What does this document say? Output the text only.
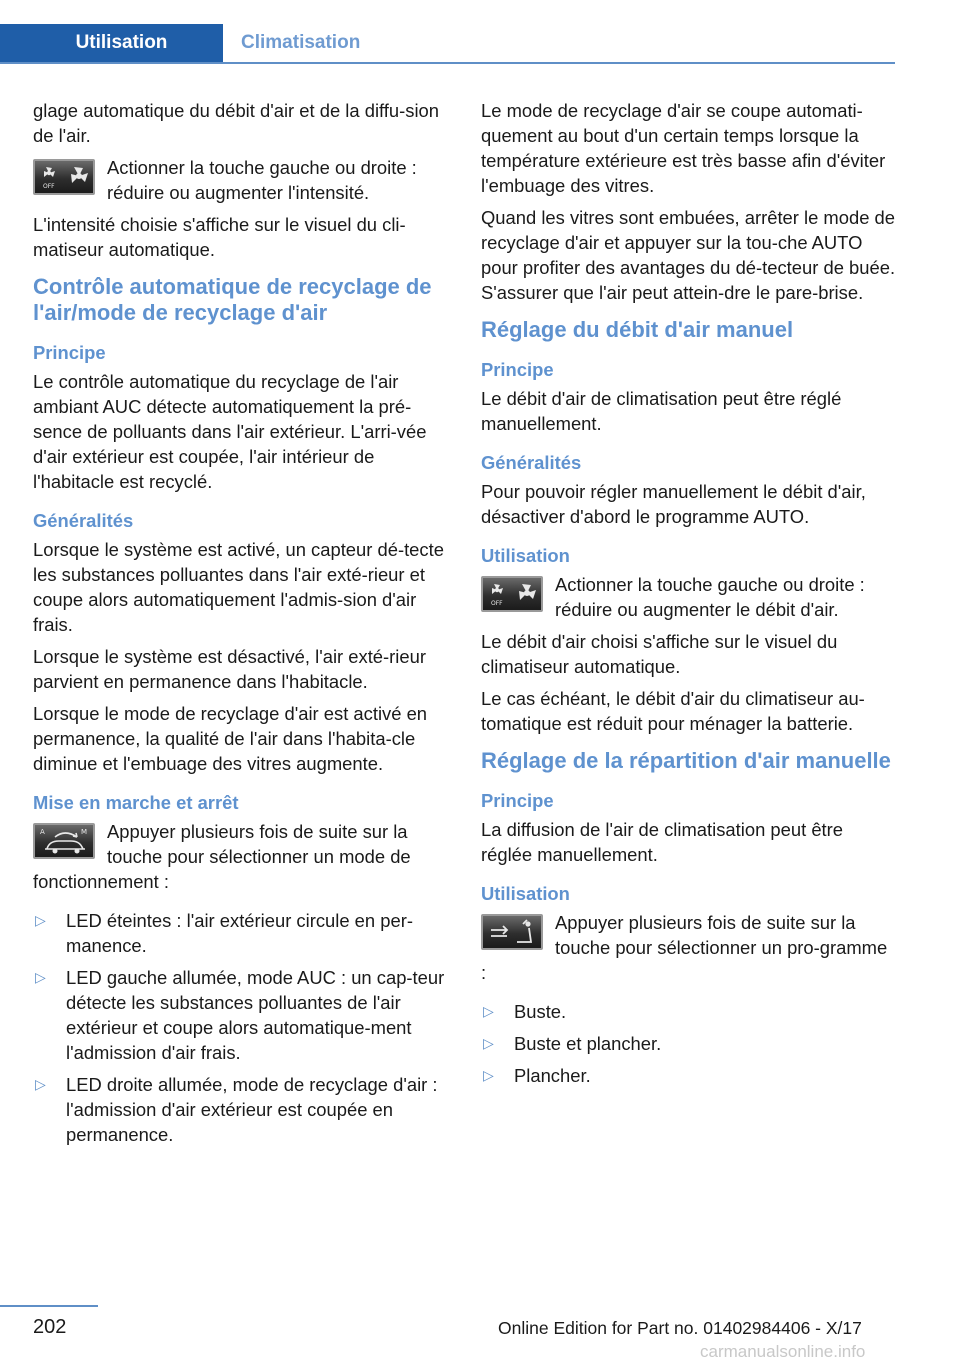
Utilisation	Climatisation

glage automatique du débit d'air et de la diffu-sion de l'air.

OFF
Actionner la touche gauche ou droite : réduire ou augmenter l'intensité.

L'intensité choisie s'affiche sur le visuel du cli-matiseur automatique.

Contrôle automatique de recyclage de l'air/mode de recyclage d'air
Principe

Le contrôle automatique du recyclage de l'air ambiant AUC détecte automatiquement la pré-sence de polluants dans l'air extérieur. L'arri-vée d'air extérieur est coupée, l'air intérieur de l'habitacle est recyclé.

Généralités

Lorsque le système est activé, un capteur dé-tecte les substances polluantes dans l'air exté-rieur et coupe alors automatiquement l'admis-sion d'air frais.

Lorsque le système est désactivé, l'air exté-rieur parvient en permanence dans l'habitacle.

Lorsque le mode de recyclage d'air est activé en permanence, la qualité de l'air dans l'habita-cle diminue et l'embuage des vitres augmente.

Mise en marche et arrêt
A	M Appuyer plusieurs fois de suite sur la touche pour sélectionner un mode de fonctionnement :
▷ LED éteintes : l'air extérieur circule en per-manence.
▷ LED gauche allumée, mode AUC : un cap-teur détecte les substances polluantes de l'air extérieur et coupe alors automatique-ment l'admission d'air frais.
▷ LED droite allumée, mode de recyclage d'air : l'admission d'air extérieur est coupée en permanence.

Le mode de recyclage d'air se coupe automati-quement au bout d'un certain temps lorsque la température extérieure est très basse afin d'éviter l'embuage des vitres.

Quand les vitres sont embuées, arrêter le mode de recyclage d'air et appuyer sur la tou-che AUTO pour profiter des avantages du dé-tecteur de buée. S'assurer que l'air peut attein-dre le pare-brise.

Réglage du débit d'air manuel
Principe

Le débit d'air de climatisation peut être réglé manuellement.

Généralités

Pour pouvoir régler manuellement le débit d'air, désactiver d'abord le programme AUTO.

Utilisation
OFF
Actionner la touche gauche ou droite : réduire ou augmenter le débit d'air.

Le débit d'air choisi s'affiche sur le visuel du climatiseur automatique.

Le cas échéant, le débit d'air du climatiseur au-tomatique est réduit pour ménager la batterie.

Réglage de la répartition d'air manuelle
Principe

La diffusion de l'air de climatisation peut être réglée manuellement.

Utilisation
Appuyer plusieurs fois de suite sur la touche pour sélectionner un pro-gramme :
▷ Buste.
▷ Buste et plancher.
▷ Plancher.
202	Online Edition for Part no. 01402984406 - X/17
carmanualsonline.info
